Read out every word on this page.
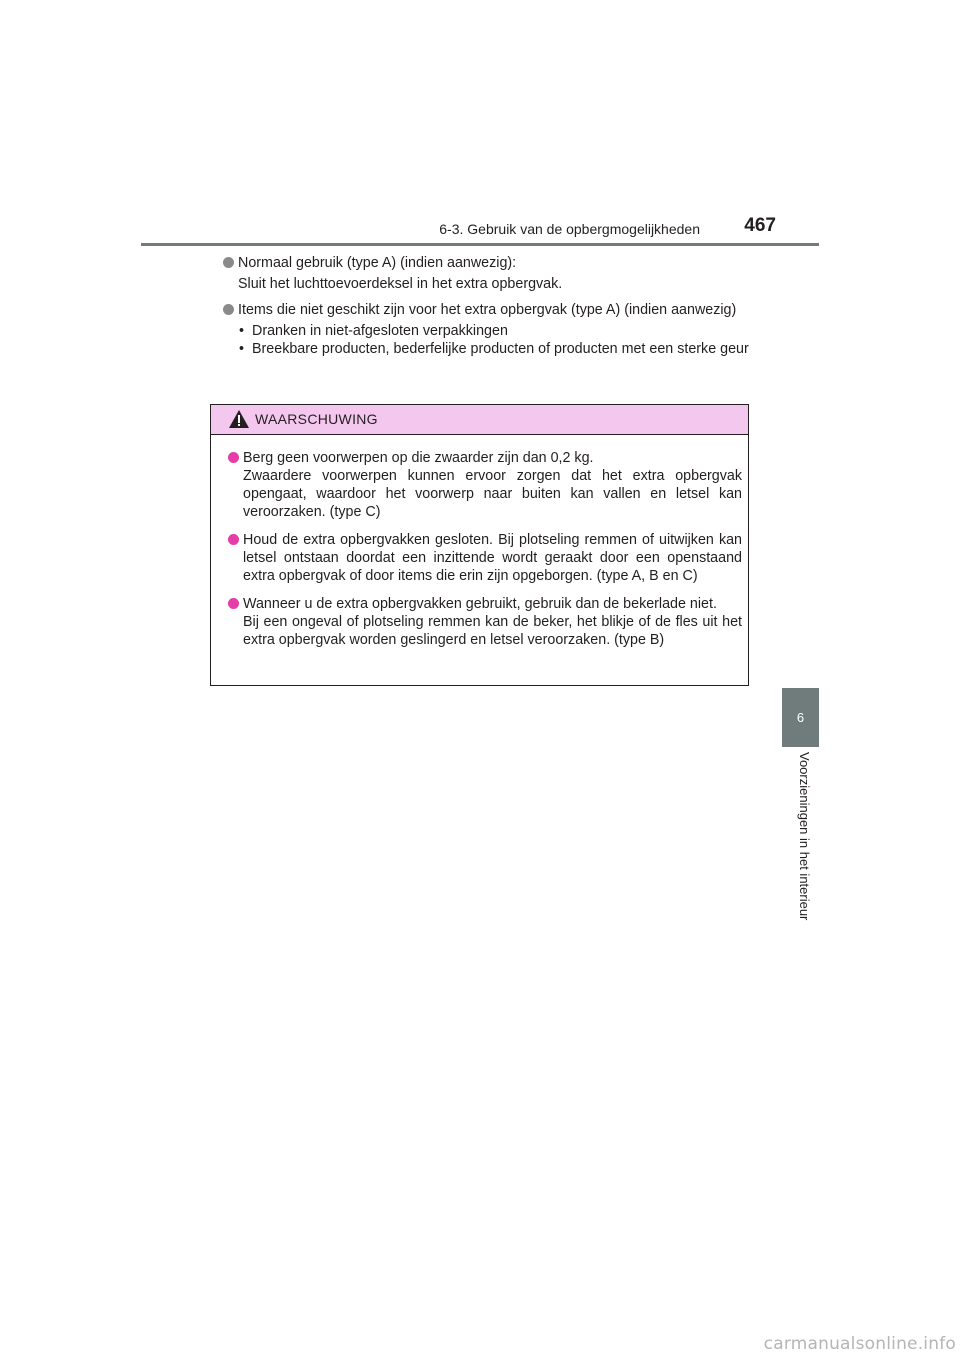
6-3. Gebruik van de opbergmogelijkheden	467
Normaal gebruik (type A) (indien aanwezig):
Sluit het luchttoevoerdeksel in het extra opbergvak.
Items die niet geschikt zijn voor het extra opbergvak (type A) (indien aanwezig)
• Dranken in niet-afgesloten verpakkingen
• Breekbare producten, bederfelijke producten of producten met een sterke geur
WAARSCHUWING
Berg geen voorwerpen op die zwaarder zijn dan 0,2 kg.
Zwaardere voorwerpen kunnen ervoor zorgen dat het extra opbergvak opengaat, waardoor het voorwerp naar buiten kan vallen en letsel kan veroorzaken. (type C)
Houd de extra opbergvakken gesloten. Bij plotseling remmen of uitwijken kan letsel ontstaan doordat een inzittende wordt geraakt door een openstaand extra opbergvak of door items die erin zijn opgeborgen. (type A, B en C)
Wanneer u de extra opbergvakken gebruikt, gebruik dan de bekerlade niet.
Bij een ongeval of plotseling remmen kan de beker, het blikje of de fles uit het extra opbergvak worden geslingerd en letsel veroorzaken. (type B)
6
Voorzieningen in het interieur
carmanualsonline.info
